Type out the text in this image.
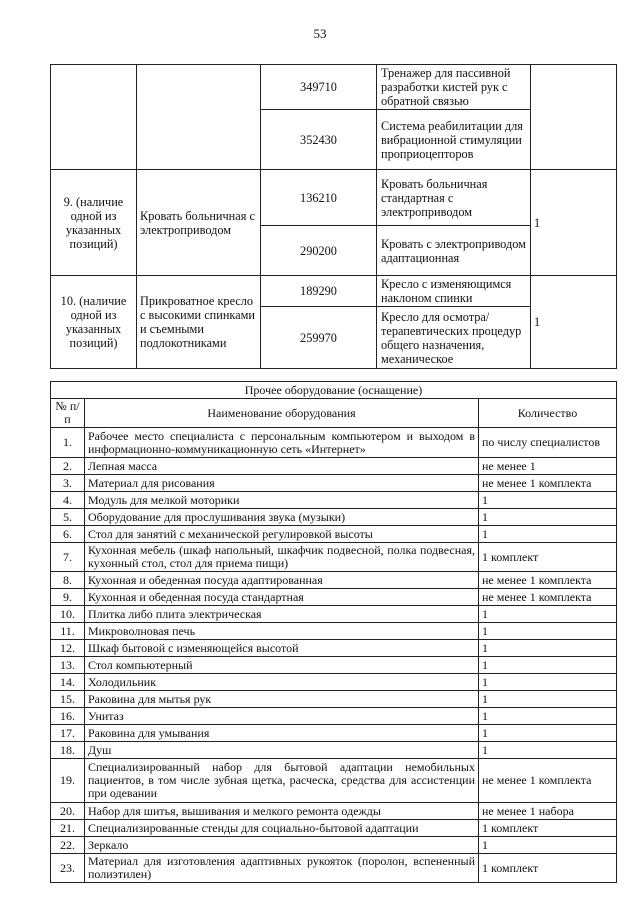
53
		349710	Тренажер для пассивной разработки кистей рук с обратной связью	
		352430	Система реабилитации для вибрационной стимуляции проприоцепторов	
9. (наличие одной из указанных позиций)	Кровать больничная с электроприводом	136210	Кровать больничная стандартная с электроприводом	1
		290200	Кровать с электроприводом адаптационная	
10. (наличие одной из указанных позиций)	Прикроватное кресло с высокими спинками и съемными подлокотниками	189290	Кресло с изменяющимся наклоном спинки	1
		259970	Кресло для осмотра/ терапевтических процедур общего назначения, механическое	
Прочее оборудование (оснащение)		
№ п/п	Наименование оборудования	Количество
1.	Рабочее место специалиста с персональным компьютером и выходом в информационно-коммуникационную сеть «Интернет»	по числу специалистов
2.	Лепная масса	не менее 1
3.	Материал для рисования	не менее 1 комплекта
4.	Модуль для мелкой моторики	1
5.	Оборудование для прослушивания звука (музыки)	1
6.	Стол для занятий с механической регулировкой высоты	1
7.	Кухонная мебель (шкаф напольный, шкафчик подвесной, полка подвесная, кухонный стол, стол для приема пищи)	1 комплект
8.	Кухонная и обеденная посуда адаптированная	не менее 1 комплекта
9.	Кухонная и обеденная посуда стандартная	не менее 1 комплекта
10.	Плитка либо плита электрическая	1
11.	Микроволновая печь	1
12.	Шкаф бытовой с изменяющейся высотой	1
13.	Стол компьютерный	1
14.	Холодильник	1
15.	Раковина для мытья рук	1
16.	Унитаз	1
17.	Раковина для умывания	1
18.	Душ	1
19.	Специализированный набор для бытовой адаптации немобильных пациентов, в том числе зубная щетка, расческа, средства для ассистенции при одевании	не менее 1 комплекта
20.	Набор для шитья, вышивания и мелкого ремонта одежды	не менее 1 набора
21.	Специализированные стенды для социально-бытовой адаптации	1 комплект
22.	Зеркало	1
23.	Материал для изготовления адаптивных рукояток (поролон, вспененный полиэтилен)	1 комплект
